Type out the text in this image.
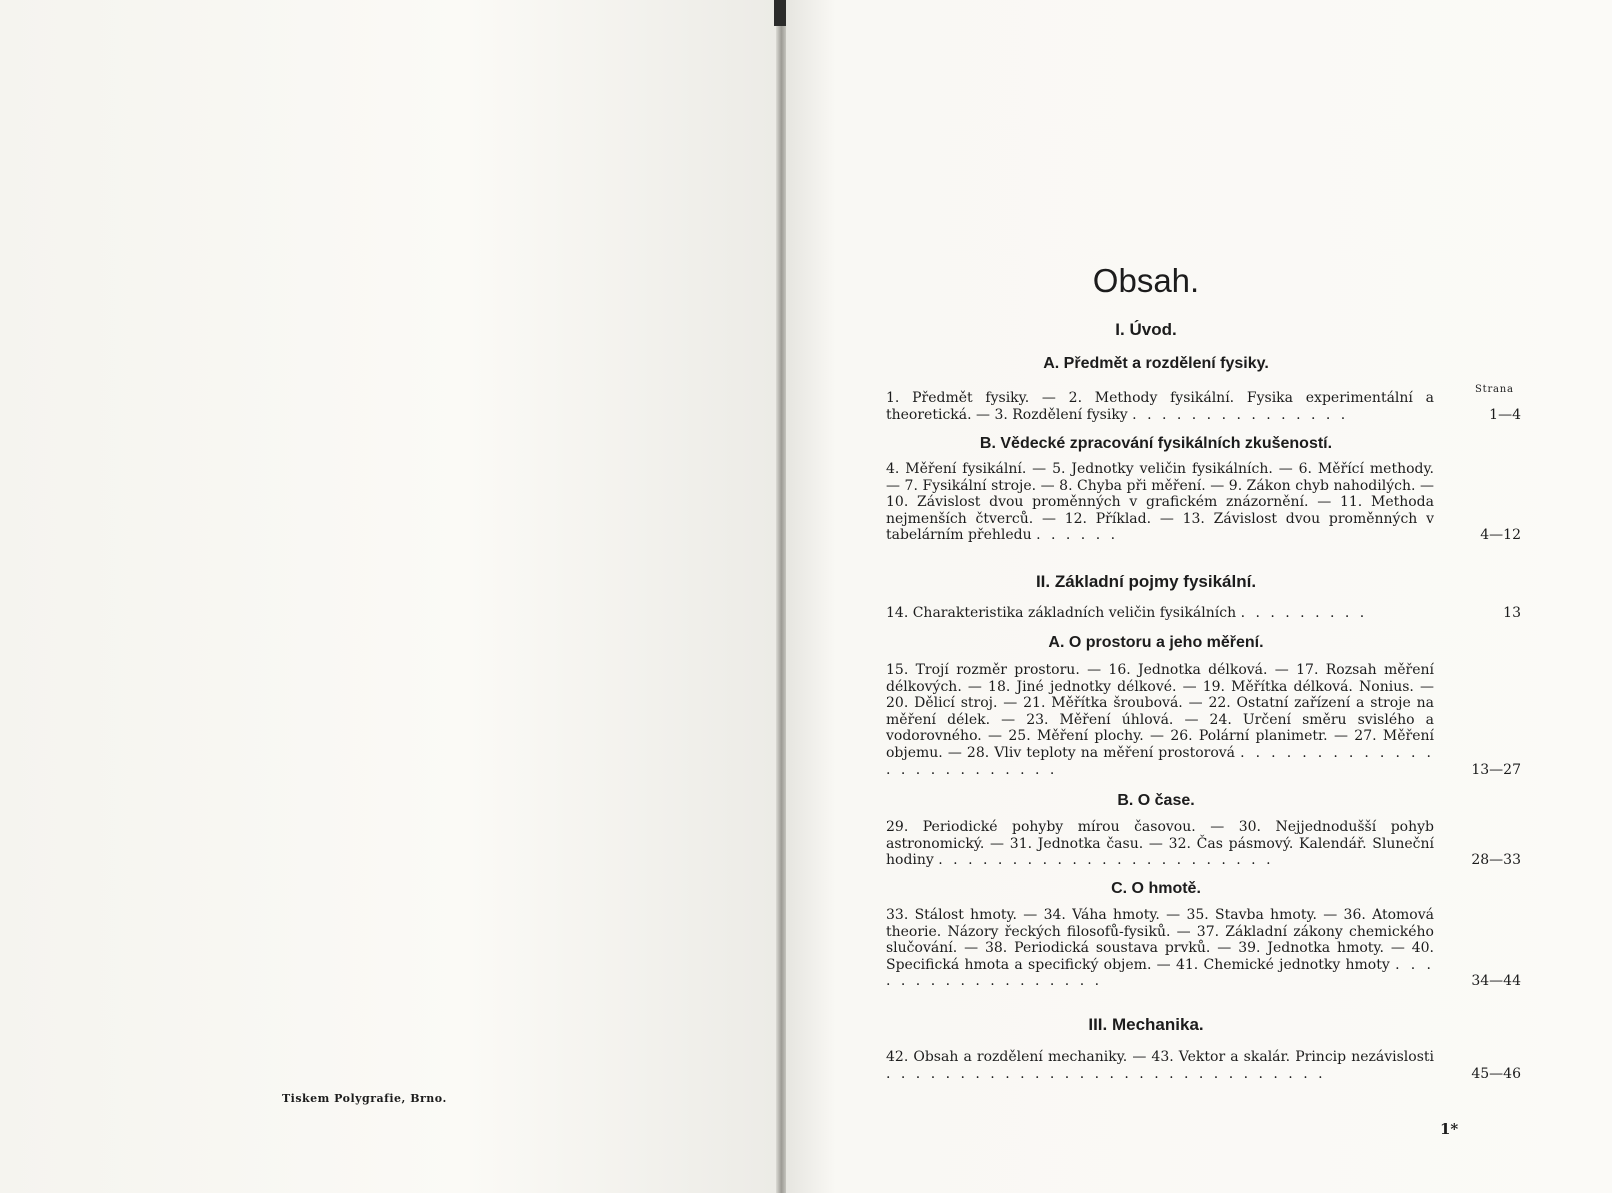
Tiskem Polygrafie, Brno.
Obsah.
I. Úvod.
A. Předmět a rozdělení fysiky.
Strana
1. Předmět fysiky. — 2. Methody fysikální. Fysika experimentální a theoretická. — 3. Rozdělení fysiky . . . . . . . . . . . . . . .	1—4
B. Vědecké zpracování fysikálních zkušeností.
4. Měření fysikální. — 5. Jednotky veličin fysikálních. — 6. Měřící methody. — 7. Fysikální stroje. — 8. Chyba při měření. — 9. Zákon chyb nahodilých. — 10. Závislost dvou proměnných v grafickém znázornění. — 11. Methoda nejmenších čtverců. — 12. Příklad. — 13. Závislost dvou proměnných v tabelárním přehledu . . . . . .	4—12
II. Základní pojmy fysikální.
14. Charakteristika základních veličin fysikálních . . . . . . . . .	13
A. O prostoru a jeho měření.
15. Trojí rozměr prostoru. — 16. Jednotka délková. — 17. Rozsah měření délkových. — 18. Jiné jednotky délkové. — 19. Měřítka délková. Nonius. — 20. Dělicí stroj. — 21. Měřítka šroubová. — 22. Ostatní zařízení a stroje na měření délek. — 23. Měření úhlová. — 24. Určení směru svislého a vodorovného. — 25. Měření plochy. — 26. Polární planimetr. — 27. Měření objemu. — 28. Vliv teploty na měření prostorová . . . . . . . . . . . . . . . . . . . . . . . . .	13—27
B. O čase.
29. Periodické pohyby mírou časovou. — 30. Nejjednodušší pohyb astronomický. — 31. Jednotka času. — 32. Čas pásmový. Kalendář. Sluneční hodiny . . . . . . . . . . . . . . . . . . . . . . .	28—33
C. O hmotě.
33. Stálost hmoty. — 34. Váha hmoty. — 35. Stavba hmoty. — 36. Atomová theorie. Názory řeckých filosofů-fysiků. — 37. Základní zákony chemického slučování. — 38. Periodická soustava prvků. — 39. Jednotka hmoty. — 40. Specifická hmota a specifický objem. — 41. Chemické jednotky hmoty . . . . . . . . . . . . . . . . . .	34—44
III. Mechanika.
42. Obsah a rozdělení mechaniky. — 43. Vektor a skalár. Princip nezávislosti . . . . . . . . . . . . . . . . . . . . . . . . . . . . . .	45—46
1*
